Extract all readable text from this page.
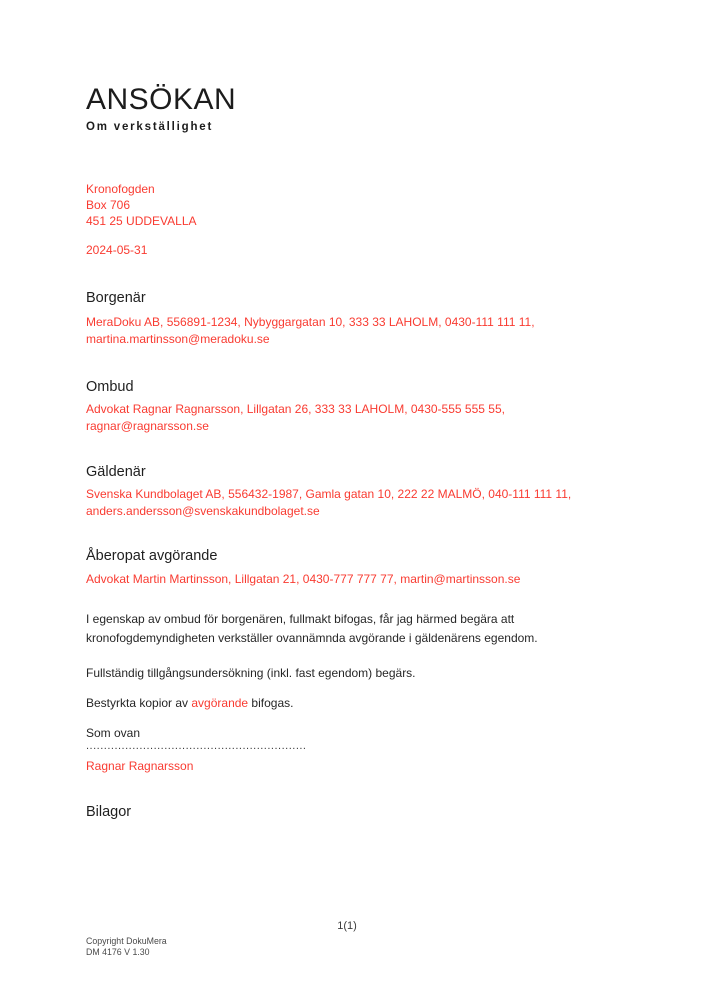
ANSÖKAN
Om verkställighet
Kronofogden
Box 706
451 25 UDDEVALLA
2024-05-31
Borgenär
MeraDoku AB, 556891-1234, Nybyggargatan 10, 333 33 LAHOLM, 0430-111 111 11, martina.martinsson@meradoku.se
Ombud
Advokat Ragnar Ragnarsson, Lillgatan 26, 333 33 LAHOLM, 0430-555 555 55, ragnar@ragnarsson.se
Gäldenär
Svenska Kundbolaget AB, 556432-1987, Gamla gatan 10, 222 22 MALMÖ, 040-111 111 11, anders.andersson@svenskakundbolaget.se
Åberopat avgörande
Advokat Martin Martinsson, Lillgatan 21, 0430-777 777 77, martin@martinsson.se

I egenskap av ombud för borgenären, fullmakt bifogas, får jag härmed begära att kronofogdemyndigheten verkställer ovannämnda avgörande i gäldenärens egendom.

Fullständig tillgångsundersökning (inkl. fast egendom) begärs.

Bestyrkta kopior av avgörande bifogas.

Som ovan

..............................................................
Ragnar Ragnarsson
Bilagor
1(1)
Copyright DokuMera
DM 4176 V 1.30
